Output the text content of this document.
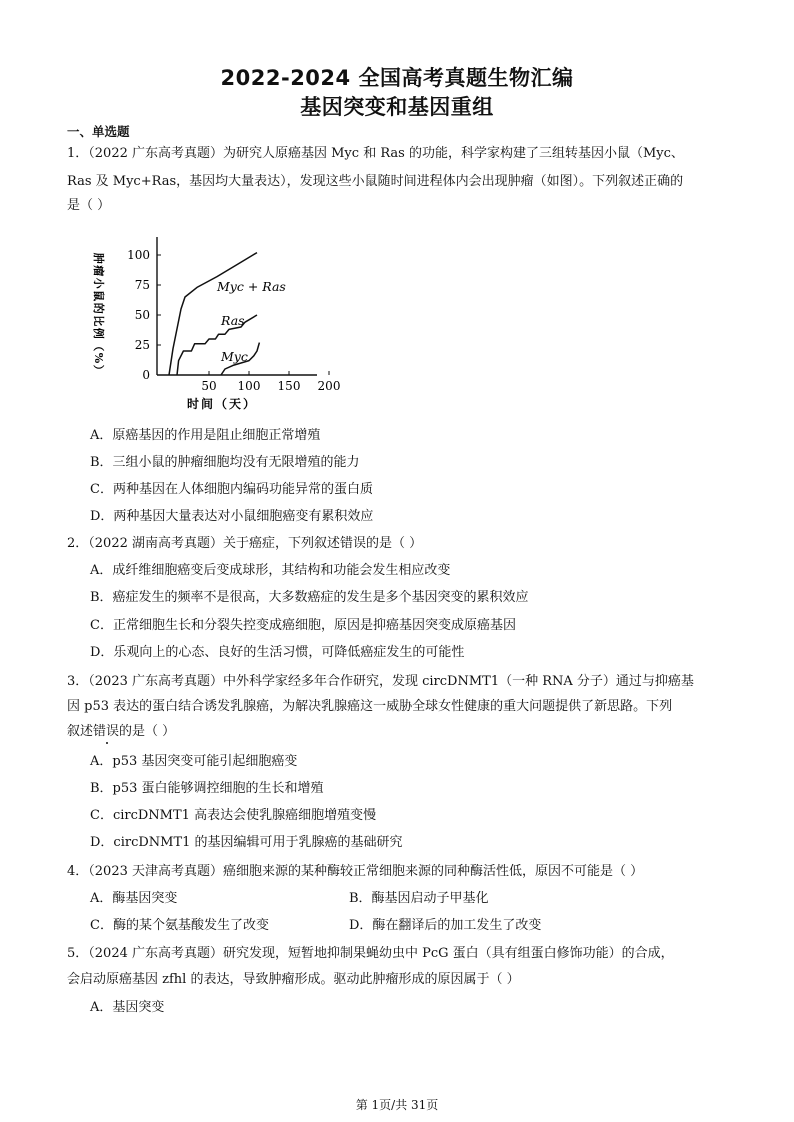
2022-2024 全国高考真题生物汇编
基因突变和基因重组
一、单选题
1．（2022 广东高考真题）为研究人原癌基因 Myc 和 Ras 的功能，科学家构建了三组转基因小鼠（Myc、
Ras 及 Myc+Ras，基因均大量表达），发现这些小鼠随时间进程体内会出现肿瘤（如图）。下列叙述正确的
是（ ）
0
25
50
75
100
50 100 150 200
时间（天）
肿瘤小鼠的比例（%）	Myc + Ras
Ras
Myc
A．原癌基因的作用是阻止细胞正常增殖
B．三组小鼠的肿瘤细胞均没有无限增殖的能力
C．两种基因在人体细胞内编码功能异常的蛋白质
D．两种基因大量表达对小鼠细胞癌变有累积效应
2．（2022 湖南高考真题）关于癌症，下列叙述错误的是（ ）
A．成纤维细胞癌变后变成球形，其结构和功能会发生相应改变
B．癌症发生的频率不是很高，大多数癌症的发生是多个基因突变的累积效应
C．正常细胞生长和分裂失控变成癌细胞，原因是抑癌基因突变成原癌基因
D．乐观向上的心态、良好的生活习惯，可降低癌症发生的可能性
3．（2023 广东高考真题）中外科学家经多年合作研究，发现 circDNMT1（一种 RNA 分子）通过与抑癌基
因 p53 表达的蛋白结合诱发乳腺癌，为解决乳腺癌这一威胁全球女性健康的重大问题提供了新思路。下列
叙述错误
的是（ ）
A．p53 基因突变可能引起细胞癌变
B．p53 蛋白能够调控细胞的生长和增殖
C．circDNMT1 高表达会使乳腺癌细胞增殖变慢
D．circDNMT1 的基因编辑可用于乳腺癌的基础研究
4．（2023 天津高考真题）癌细胞来源的某种酶较正常细胞来源的同种酶活性低，原因不可能是（ ）
A．酶基因突变	B．酶基因启动子甲基化
C．酶的某个氨基酸发生了改变	D．酶在翻译后的加工发生了改变
5．（2024 广东高考真题）研究发现，短暂地抑制果蝇幼虫中 PcG 蛋白（具有组蛋白修饰功能）的合成，
会启动原癌基因 zfhl 的表达，导致肿瘤形成。驱动此肿瘤形成的原因属于（ ）
A．基因突变
第 1页/共 31页
